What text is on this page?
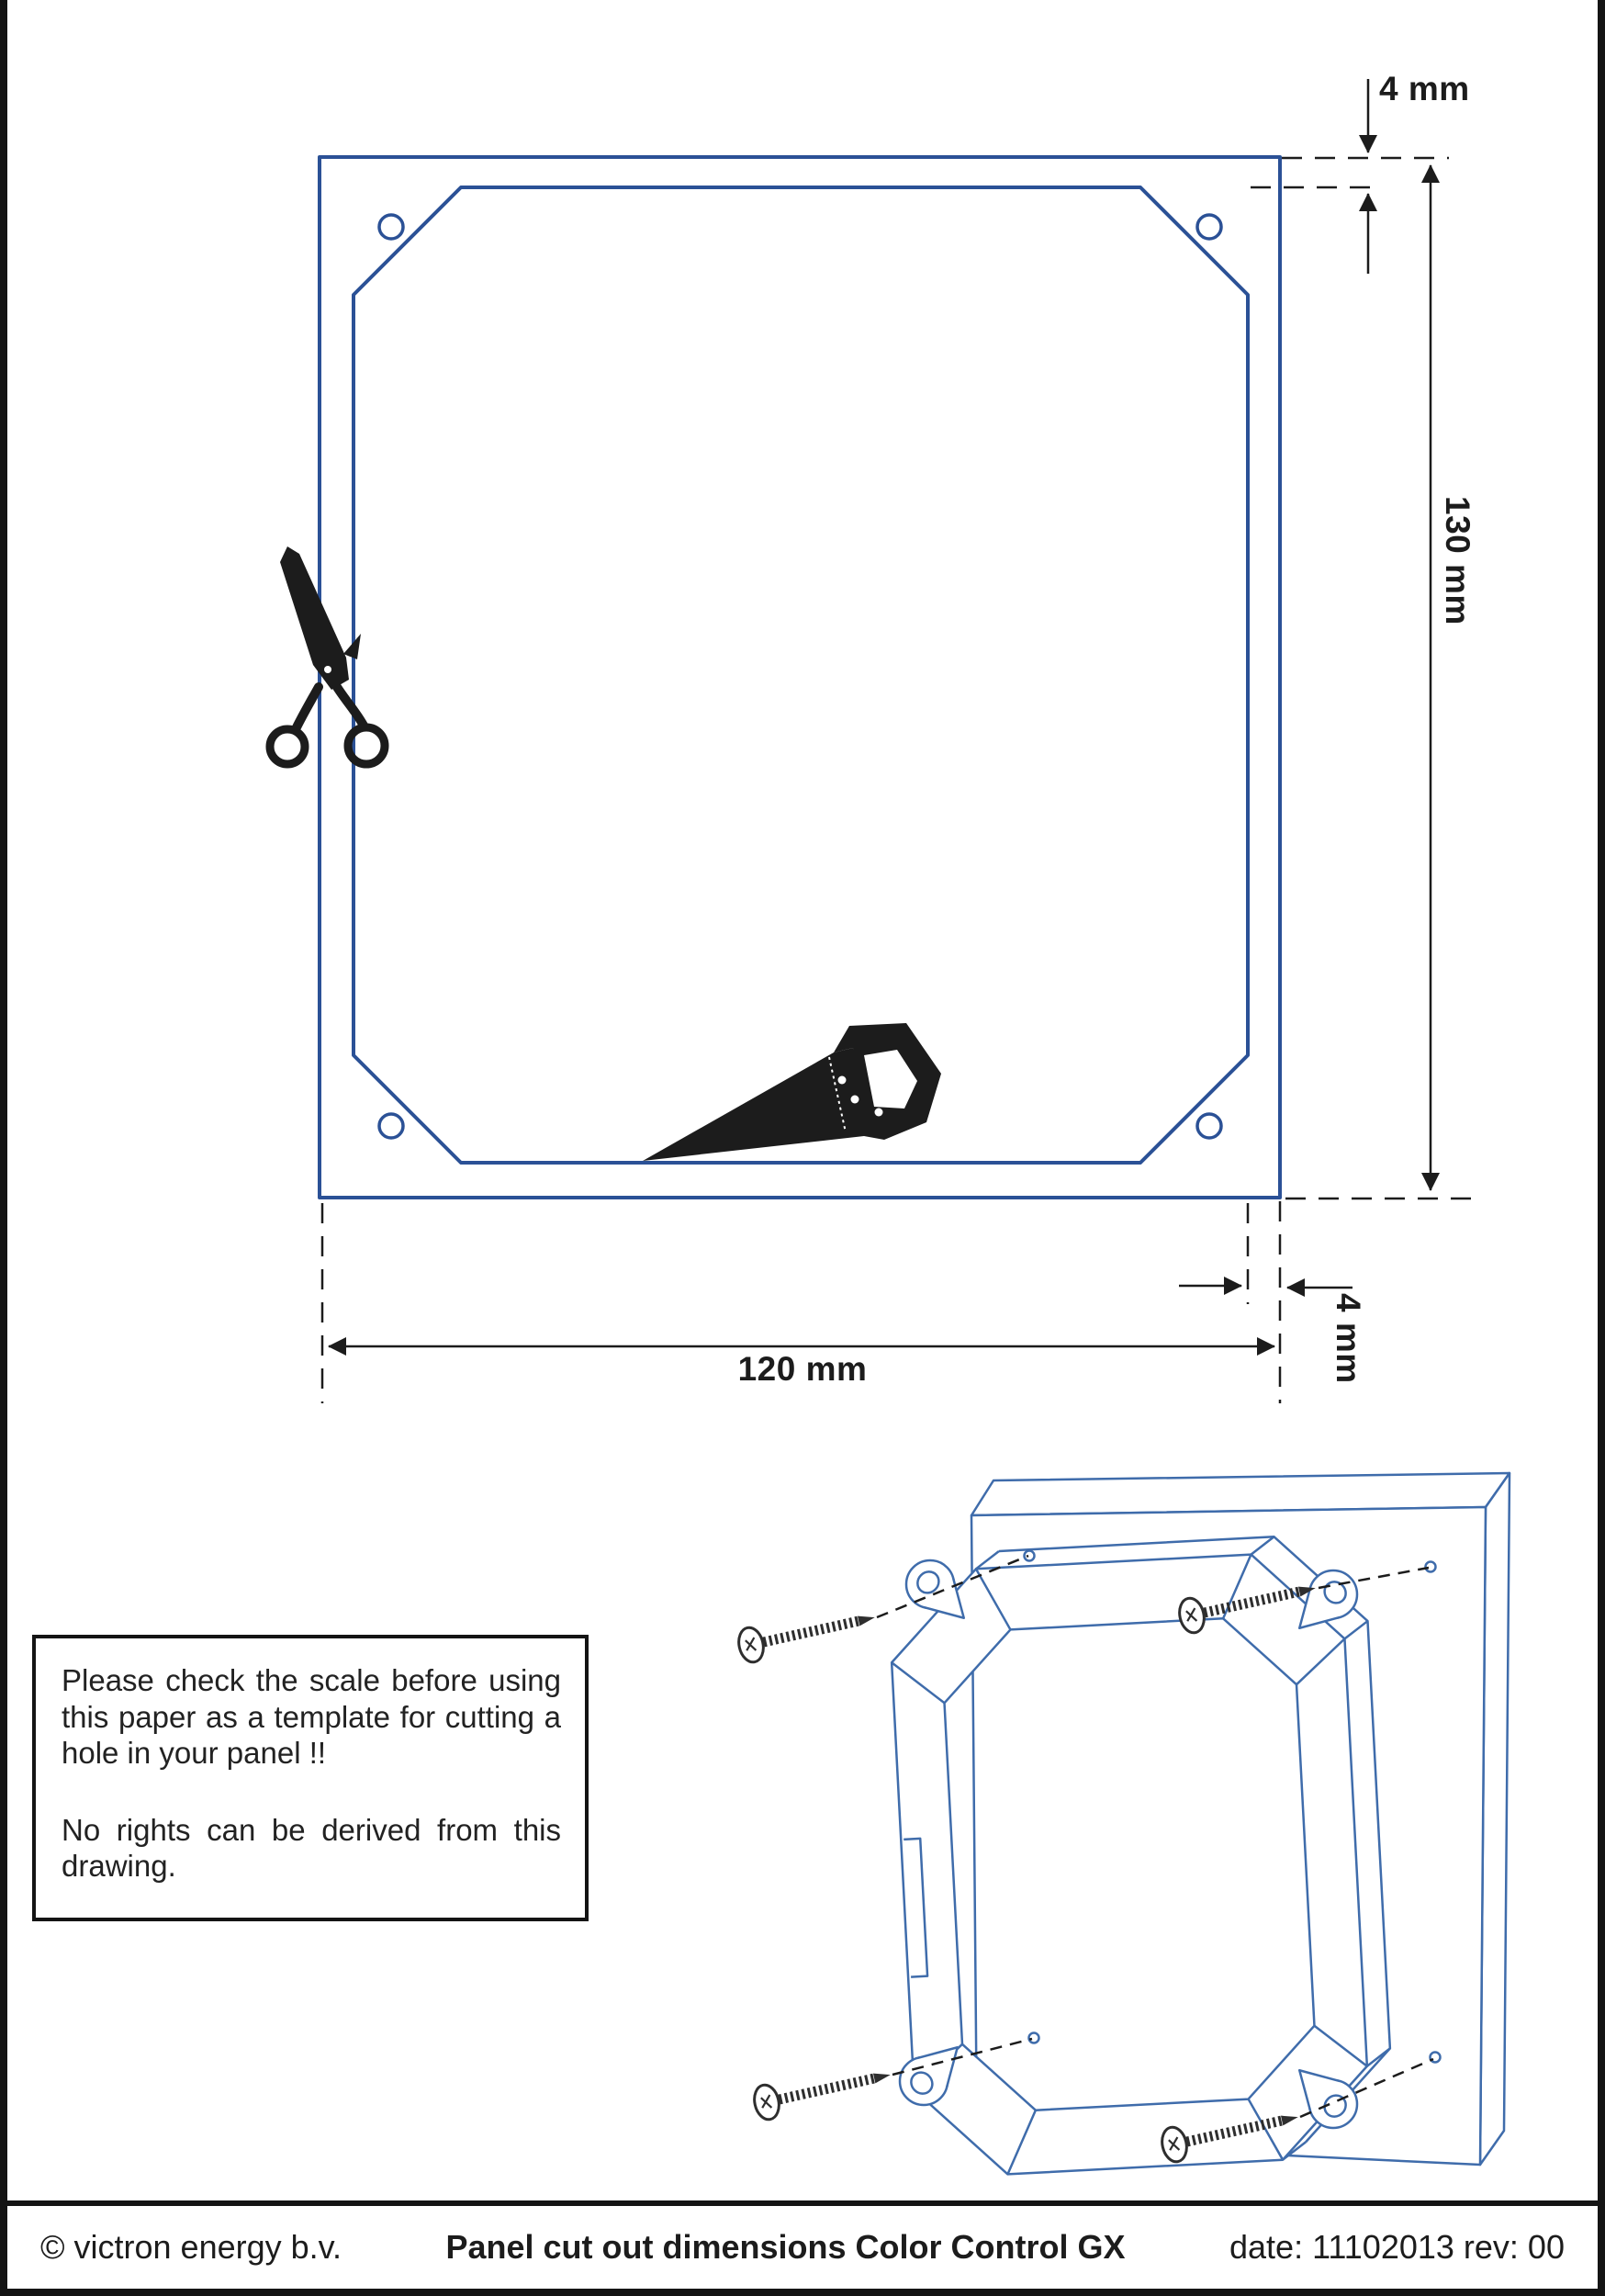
4 mm
130 mm
120 mm	4 mm

Please check the scale before using this paper as a template for cutting a hole in your panel !!

No rights can be derived from this drawing.

© victron energy b.v.	Panel cut out dimensions Color Control GX	date: 11102013 rev: 00
